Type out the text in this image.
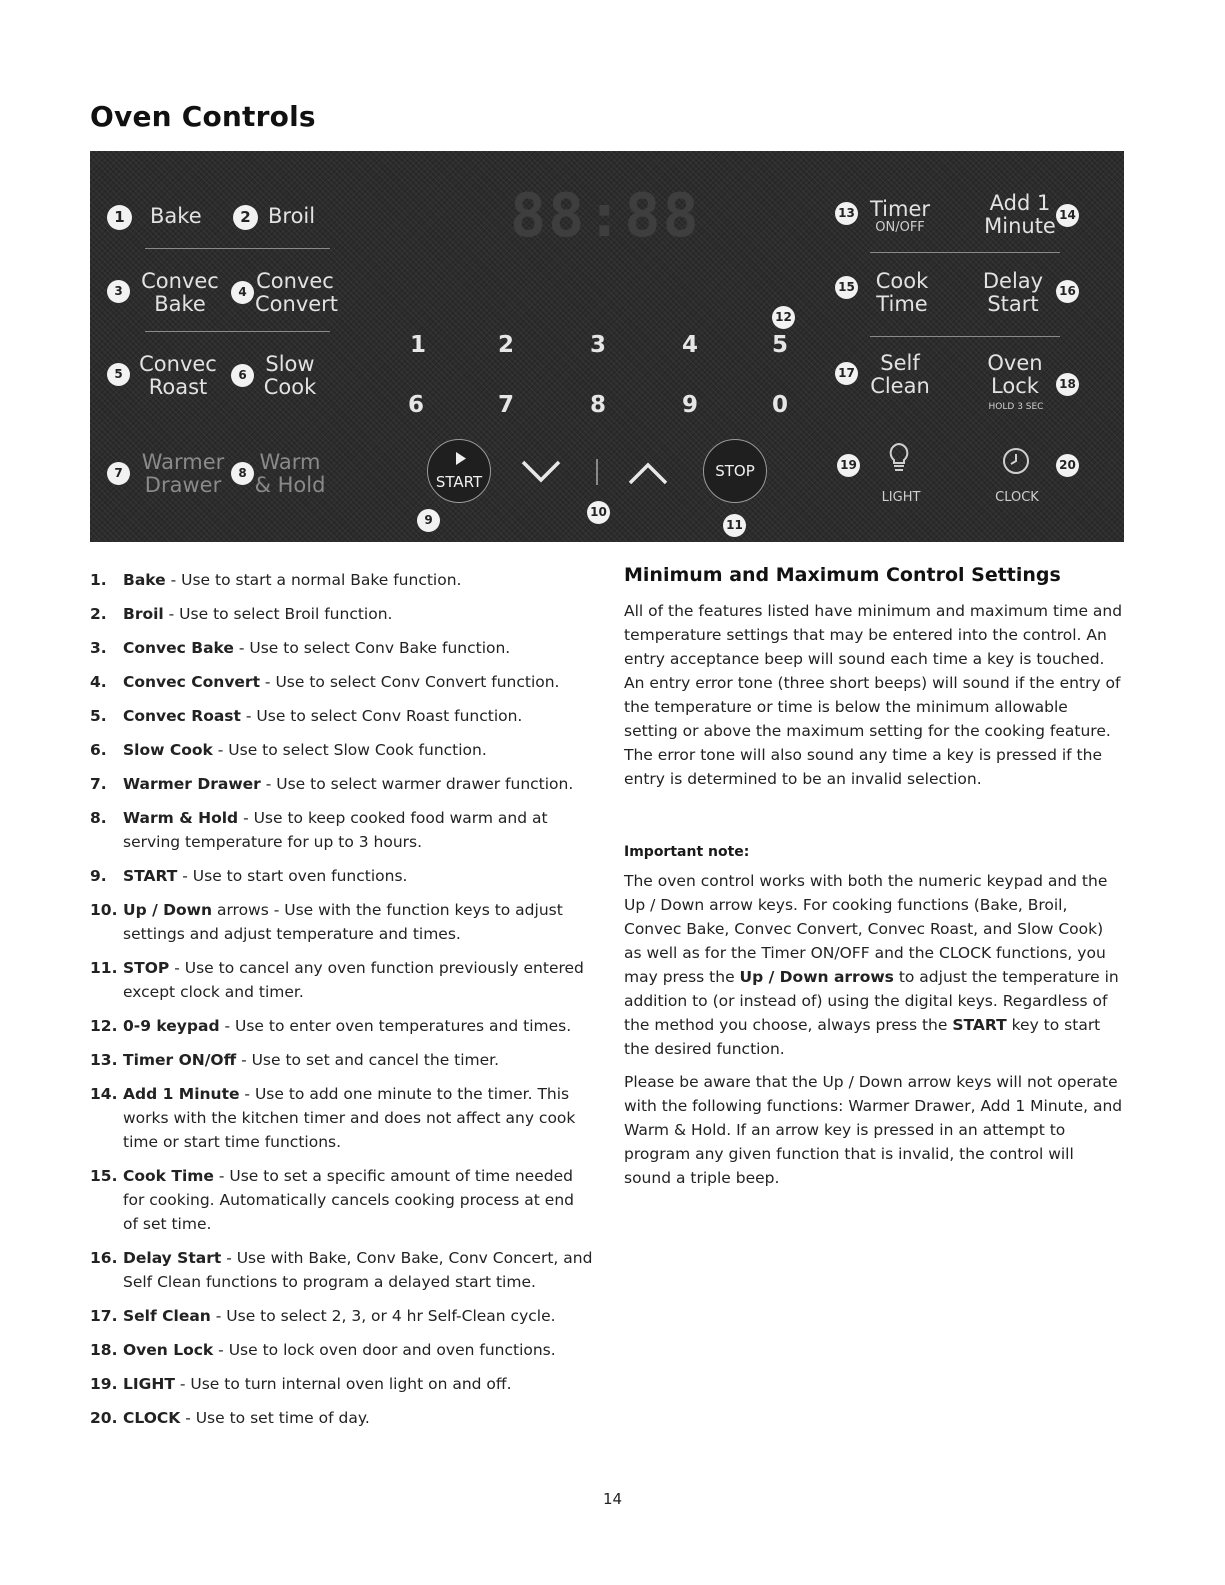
Oven Controls
1	Bake	2 Broil
3 Convec
Bake	4 Convec
Convert
5 Convec
Roast	6 Slow
Cook
7 Warmer
Drawer	8 Warm
& Hold
88:88
1	2	3	4	5
12
6	7	8	9	0
START
STOP
9
10
11
13 Timer
ON/OFF
Add 1
Minute 14
15 Cook
Time
Delay
Start
16
17	Self
Clean
Oven
Lock
HOLD 3 SEC
18
19
LIGHT	CLOCK
20
1.	Bake - Use to start a normal Bake function.
2.	Broil - Use to select Broil function.
3.	Convec Bake - Use to select Conv Bake function.
4.	Convec Convert - Use to select Conv Convert function.
5.	Convec Roast - Use to select Conv Roast function.
6.	Slow Cook - Use to select Slow Cook function.
7.	Warmer Drawer - Use to select warmer drawer function.
8.	Warm & Hold - Use to keep cooked food warm and at serving temperature for up to 3 hours.
9.	START - Use to start oven functions.
10. Up / Down arrows - Use with the function keys to adjust settings and adjust temperature and times.
11. STOP - Use to cancel any oven function previously entered except clock and timer.
12. 0-9 keypad - Use to enter oven temperatures and times.
13. Timer ON/Off - Use to set and cancel the timer.
14. Add 1 Minute - Use to add one minute to the timer. This works with the kitchen timer and does not affect any cook time or start time functions.
15. Cook Time - Use to set a specific amount of time needed for cooking. Automatically cancels cooking process at end of set time.
16. Delay Start - Use with Bake, Conv Bake, Conv Concert, and Self Clean functions to program a delayed start time.
17. Self Clean - Use to select 2, 3, or 4 hr Self-Clean cycle.
18. Oven Lock - Use to lock oven door and oven functions.
19. LIGHT - Use to turn internal oven light on and off.
20. CLOCK - Use to set time of day.
Minimum and Maximum Control Settings
All of the features listed have minimum and maximum time and temperature settings that may be entered into the control. An entry acceptance beep will sound each time a key is touched. An entry error tone (three short beeps) will sound if the entry of the temperature or time is below the minimum allowable setting or above the maximum setting for the cooking feature. The error tone will also sound any time a key is pressed if the entry is determined to be an invalid selection.
Important note:
The oven control works with both the numeric keypad and the Up / Down arrow keys. For cooking functions (Bake, Broil, Convec Bake, Convec Convert, Convec Roast, and Slow Cook) as well as for the Timer ON/OFF and the CLOCK functions, you may press the Up / Down arrows to adjust the temperature in addition to (or instead of) using the digital keys. Regardless of the method you choose, always press the START key to start the desired function.
Please be aware that the Up / Down arrow keys will not operate with the following functions: Warmer Drawer, Add 1 Minute, and Warm & Hold. If an arrow key is pressed in an attempt to program any given function that is invalid, the control will sound a triple beep.
14
